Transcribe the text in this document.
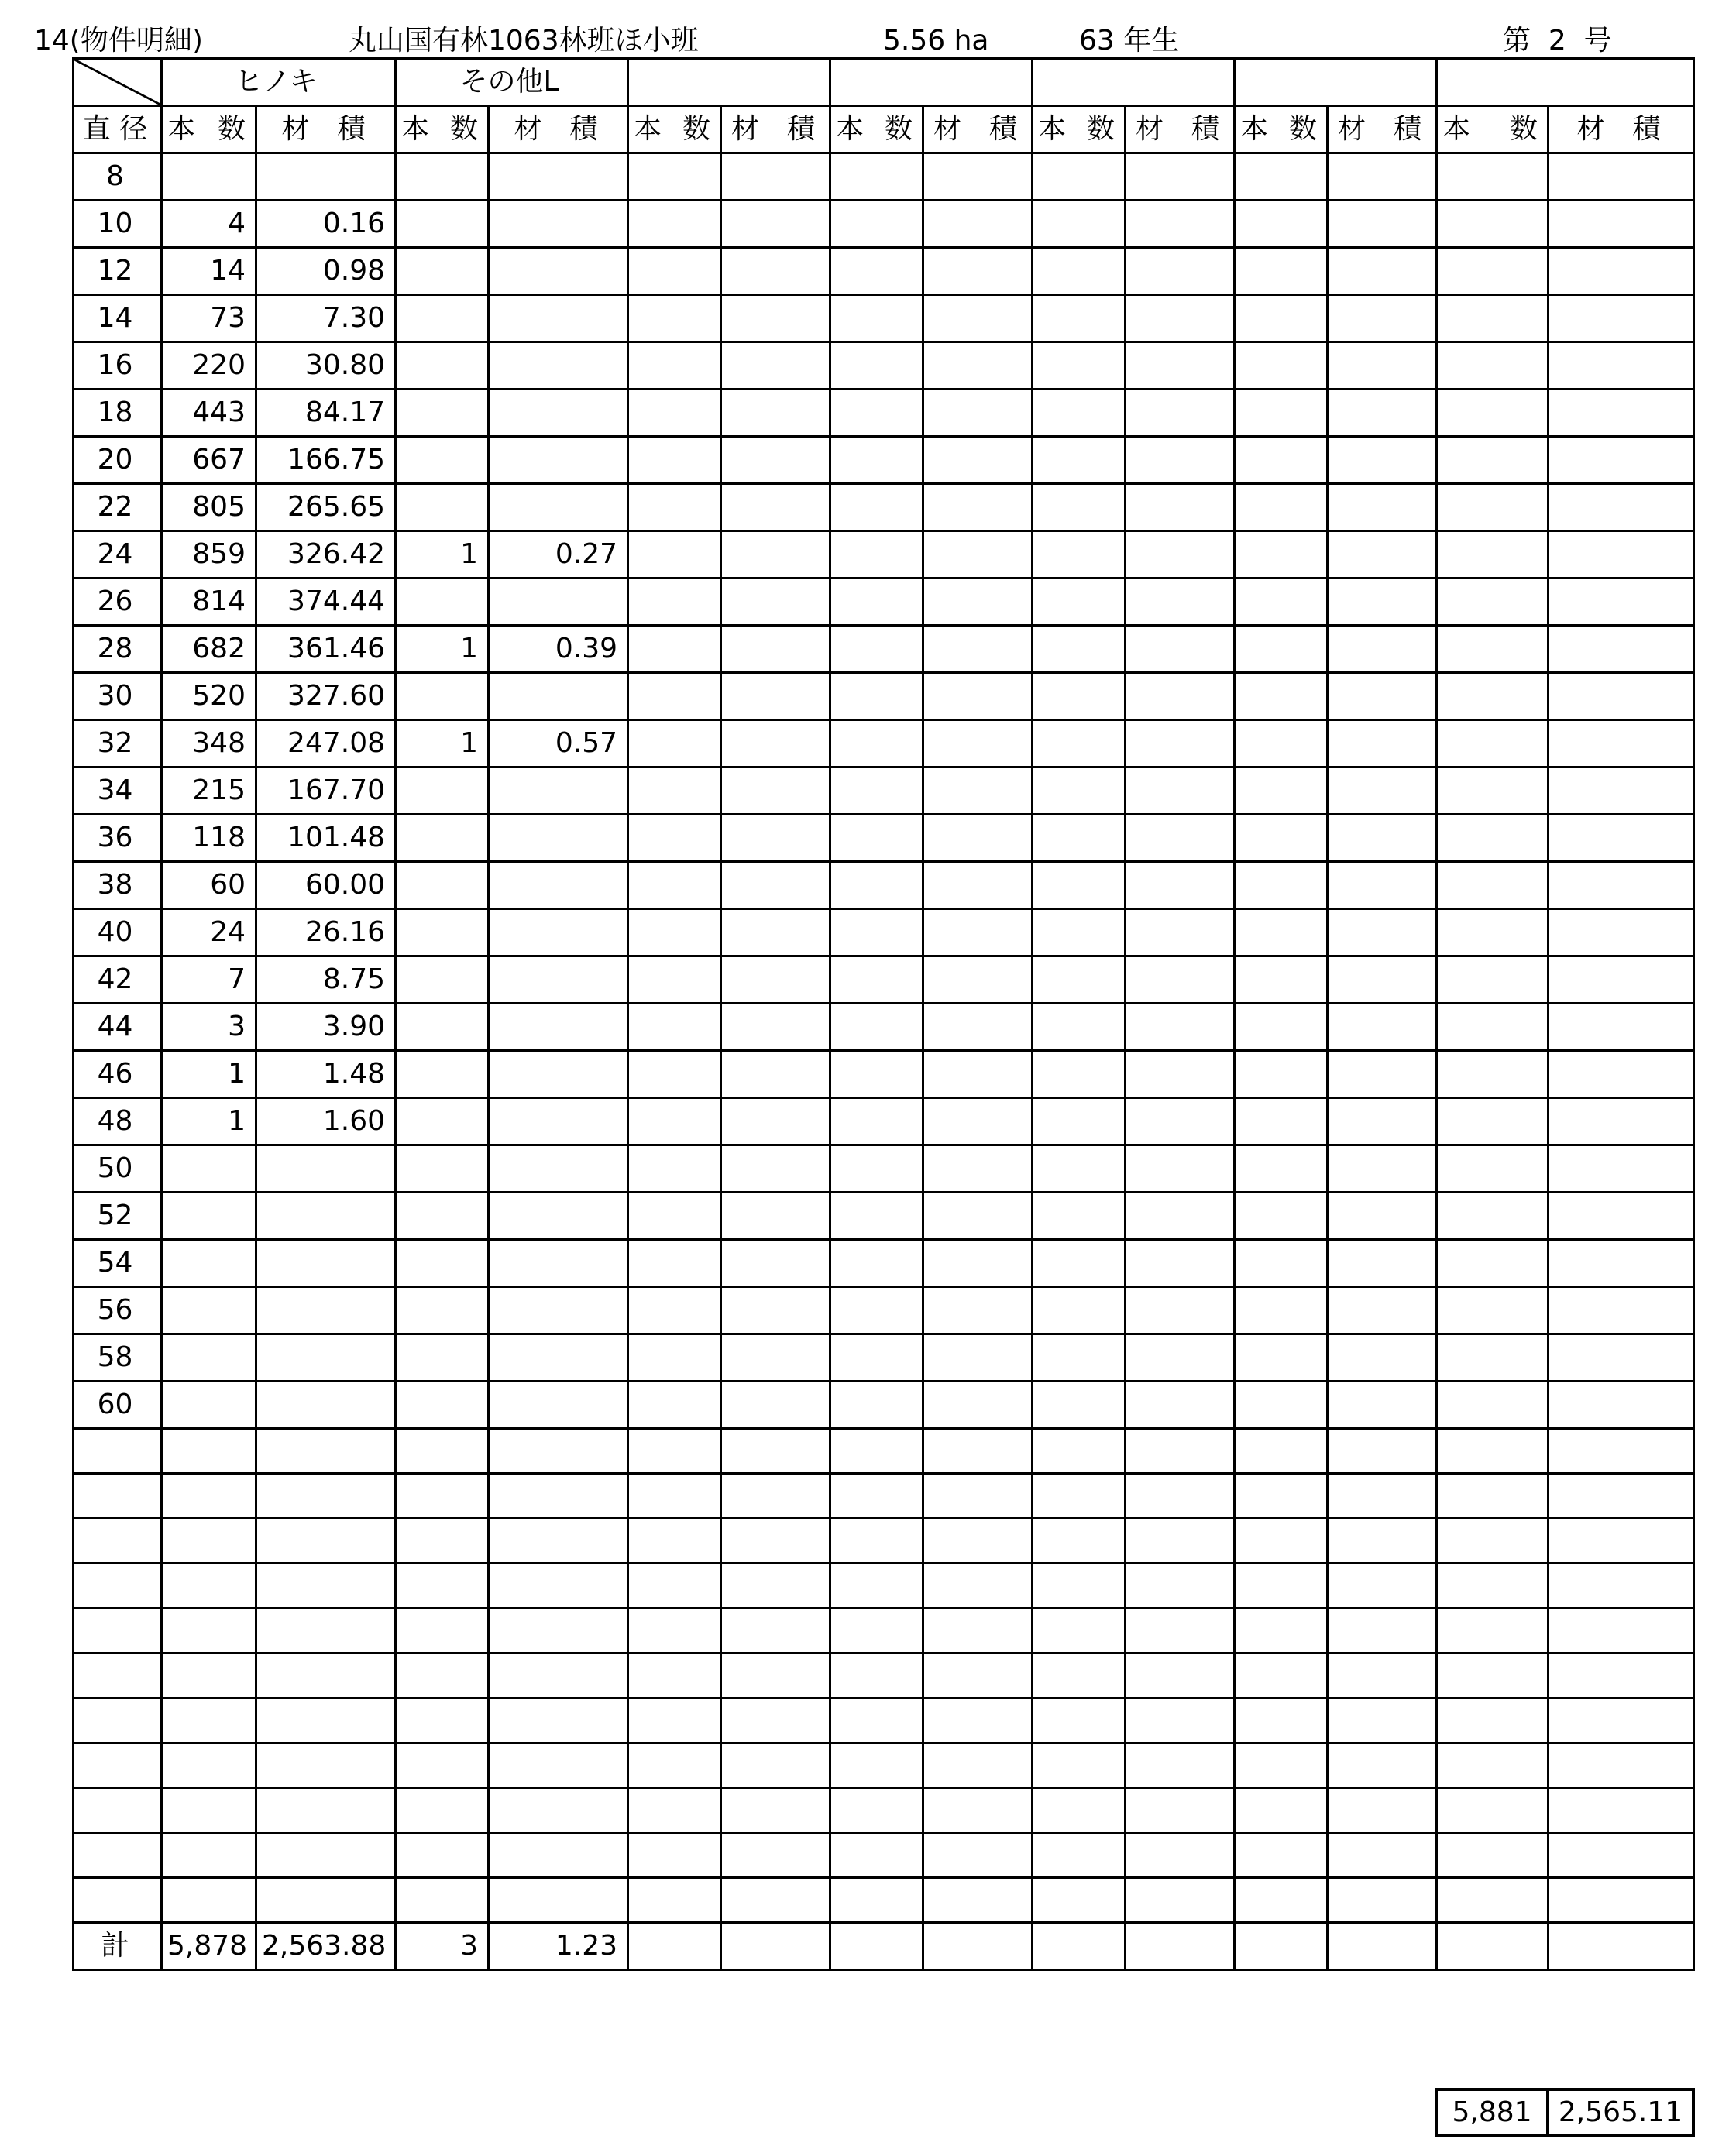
14(物件明細)	丸山国有林1063林班ほ小班	5.56 ha	63 年生	第  2  号
	ヒノキ		その他L											
直 径	本 数	材 積	本 数	材 積	本 数	材 積	本 数	材 積	本 数	材 積	本 数	材 積	本 数	材 積
8														
10	4	0.16												
12	14	0.98												
14	73	7.30												
16	220	30.80												
18	443	84.17												
20	667	166.75												
22	805	265.65												
24	859	326.42	1	0.27										
26	814	374.44												
28	682	361.46	1	0.39										
30	520	327.60												
32	348	247.08	1	0.57										
34	215	167.70												
36	118	101.48												
38	60	60.00												
40	24	26.16												
42	7	8.75												
44	3	3.90												
46	1	1.48												
48	1	1.60												
50														
52														
54														
56														
58														
60														

計	5,878	2,563.88	3	1.23										
5,881	2,565.11
